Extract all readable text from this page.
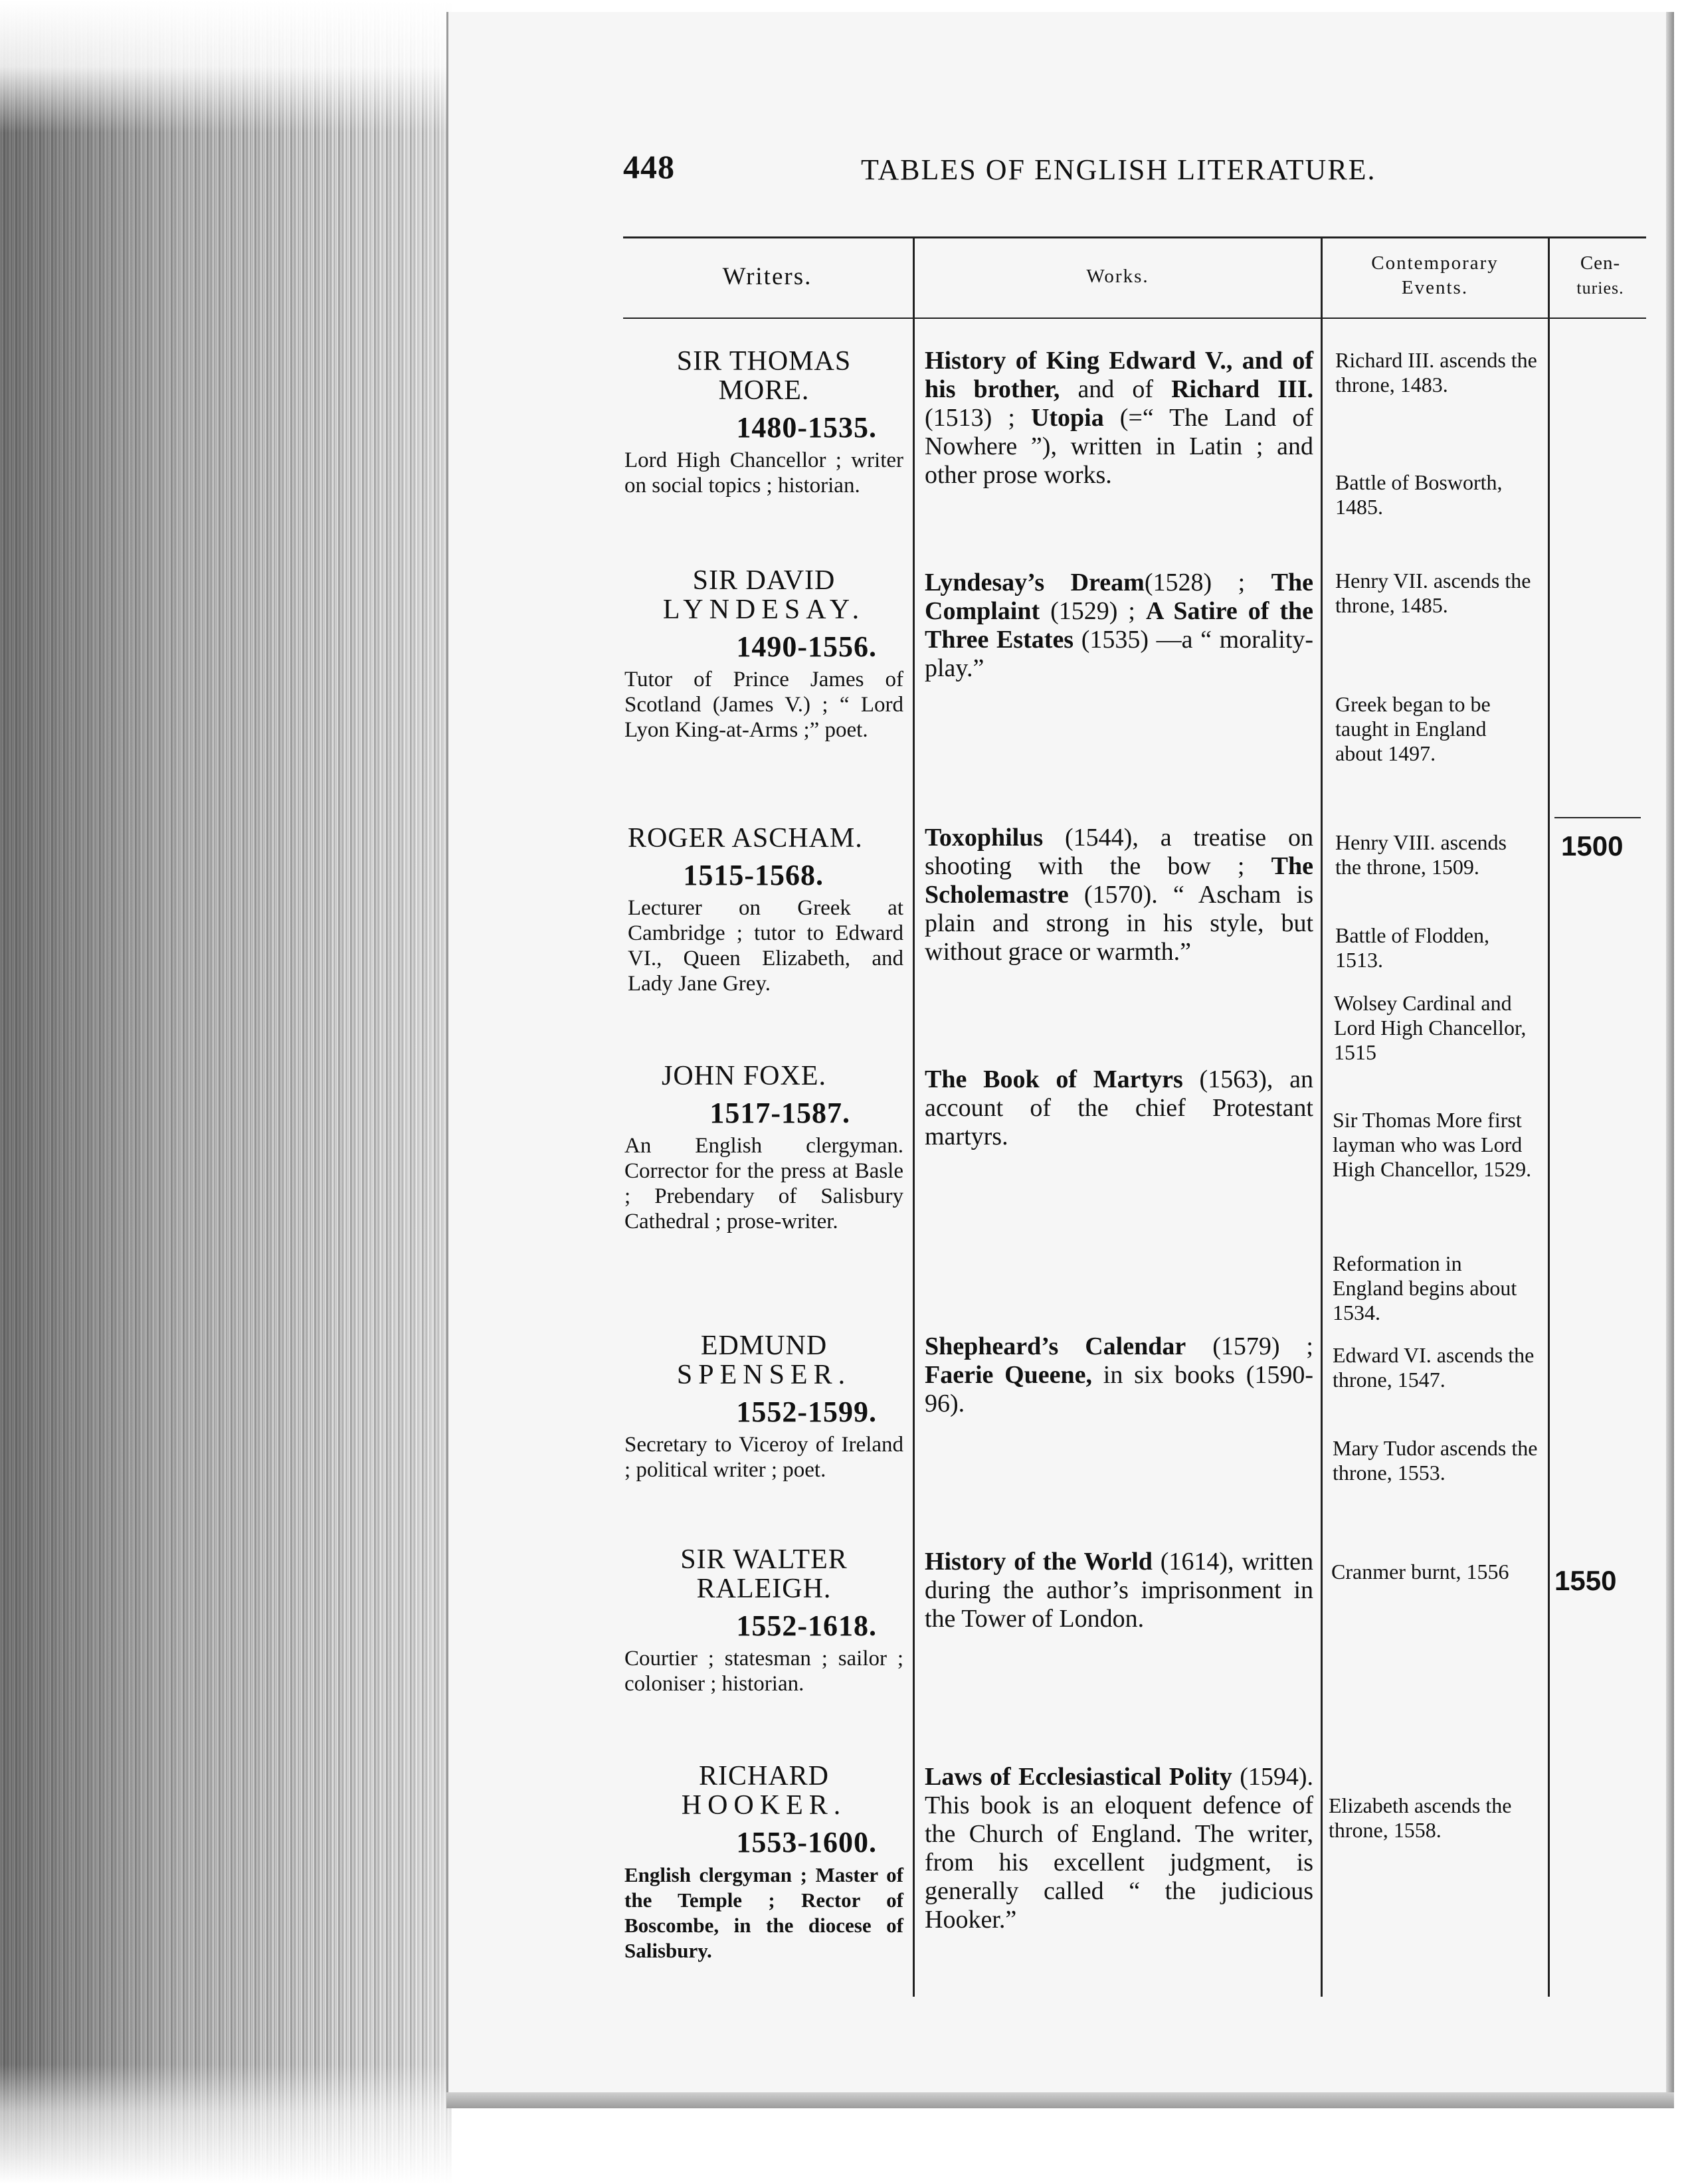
448	TABLES OF ENGLISH LITERATURE.
Writers.	Works.
Contemporary
Events.
Cen-
turies.
SIR THOMAS
MORE.
1480-1535.
Lord High Chancellor ; writer on social topics ; historian.
SIR DAVID
LYNDESAY.
1490-1556.
Tutor of Prince James of Scotland (James V.) ; “ Lord Lyon King-at-Arms ;” poet.
ROGER ASCHAM.
1515-1568.
Lecturer on Greek at Cambridge ; tutor to Edward VI., Queen Elizabeth, and Lady Jane Grey.
JOHN FOXE.
1517-1587.
An English clergyman. Corrector for the press at Basle ; Prebendary of Salisbury Cathedral ; prose-writer.
EDMUND
SPENSER.
1552-1599.
Secretary to Viceroy of Ireland ; political writer ; poet.
SIR WALTER
RALEIGH.
1552-1618.
Courtier ; statesman ; sailor ; coloniser ; historian.
RICHARD
HOOKER.
1553-1600.
English clergyman ; Master of the Temple ; Rector of Boscombe, in the diocese of Salisbury.
History of King Edward V., and of his brother, and of Richard III. (1513) ; Utopia (=“ The Land of Nowhere ”), written in Latin ; and other prose works.
Lyndesay’s Dream(1528) ; The Complaint (1529) ; A Satire of the Three Estates (1535) —a “ morality-play.”
Toxophilus (1544), a treatise on shooting with the bow ; The Scholemastre (1570). “ Ascham is plain and strong in his style, but without grace or warmth.”
The Book of Martyrs (1563), an account of the chief Protestant martyrs.
Shepheard’s Calendar (1579) ; Faerie Queene, in six books (1590-96).
History of the World (1614), written during the author’s imprisonment in the Tower of London.
Laws of Ecclesiastical Polity (1594). This book is an eloquent defence of the Church of England. The writer, from his excellent judgment, is generally called “ the judicious Hooker.”
Richard III. ascends the throne, 1483.
Battle of Bosworth, 1485.
Henry VII. ascends the throne, 1485.
Greek began to be taught in England about 1497.
Henry VIII. ascends the throne, 1509.
Battle of Flodden, 1513.
Wolsey Cardinal and Lord High Chancellor, 1515
Sir Thomas More first layman who was Lord High Chancellor, 1529.
Reformation in England begins about 1534.
Edward VI. ascends the throne, 1547.
Mary Tudor ascends the throne, 1553.
Cranmer burnt, 1556
Elizabeth ascends the throne, 1558.
1500
1550
